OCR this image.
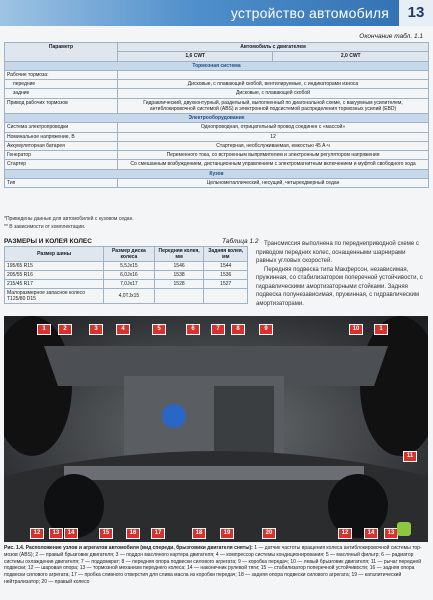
устройство автомобиля	13
Окончание табл. 1.1
Параметр	Автомобиль с двигателем	
	1,6 CWT	2,0 CWT
Тормозная система		
Рабочие тормоза:		
передние	Дисковые, с плавающей скобой, вентилируемые, с индикаторами износа	
задние	Дисковые, с плавающей скобой	
Привод рабочих тормозов	Гидравлический, двухконтурный, раздельный, выполненный по диагональной схеме, с вакуумным усилителем, антиблокировочной системой (ABS) и электронной подсистемой распределения тормозных усилий (EBD)	
Электрооборудование		
Система электропроводки	Однопроводная, отрицательный провод соединен с «массой»	
Номинальное напряжение, В	12	
Аккумуляторная батарея	Стартерная, необслуживаемая, емкостью 45 А·ч	
Генератор	Переменного тока, со встроенным выпрямителем и электронным регулятором напряжения	
Стартер	Со смешанным возбуждением, дистанционным управлением с электромагнитным включением и муфтой свободного хода	
Кузов		
Тип	Цельнометаллический, несущий, четырехдверный седан	
*Приведены данные для автомобилей с кузовом седан.
** В зависимости от комплектации.
РАЗМЕРЫ И КОЛЕЯ КОЛЕС	Таблица 1.2
Размер шины	Размер диска колеса	Передняя колея, мм	Задняя колея, мм
195/65 R15	5,5Jx15	1546	1544
205/55 R16	6,0Jx16	1538	1536
215/45 R17	7,0Jx17	1528	1527
Малоразмерное запасное колесо T125/80 D15	4,0TJx15		

Трансмиссия выполнена по переднеприводной схеме с приводом передних колес, оснащенными шарнирами равных угловых скоростей.

Передняя подвеска типа Макферсон, независимая, пружинная, со стабилизатором поперечной устойчивости, с гидравлическими амортизаторными стойками. Задняя подвеска полунезависимая, пружинная, с гидравлическим амортизаторами.

1	2	3	4	5	6	7	8	9	10	1
11
12	13	14	15	16	17	18	19	20	12	14	13
Рис. 1.4. Расположение узлов и агрегатов автомобиля (вид спереди, брызговики двигателя сняты): 1 — датчик частоты вращения колеса антиблокировочной системы тормозов (ABS); 2 — правый брызговик двигателя; 3 — поддон масляного картера двигателя; 4 — компрессор системы кондиционирования; 5 — масляный фильтр; 6 — радиатор системы охлаждения двигателя; 7 — поддомкрат; 8 — передняя опора подвески силового агрегата; 9 — коробка передач; 10 — левый брызговик двигателя; 11 — рычаг передней подвески; 12 — шаровая опора; 13 — тормозной механизм переднего колеса; 14 — наконечник рулевой тяги; 15 — стабилизатор поперечной устойчивости; 16 — задняя опора подвески силового агрегата; 17 — пробка сливного отверстия для слива масла из коробки передач; 18 — задняя опора подвески силового агрегата; 19 — каталитический нейтрализатор; 20 — правый колесо
